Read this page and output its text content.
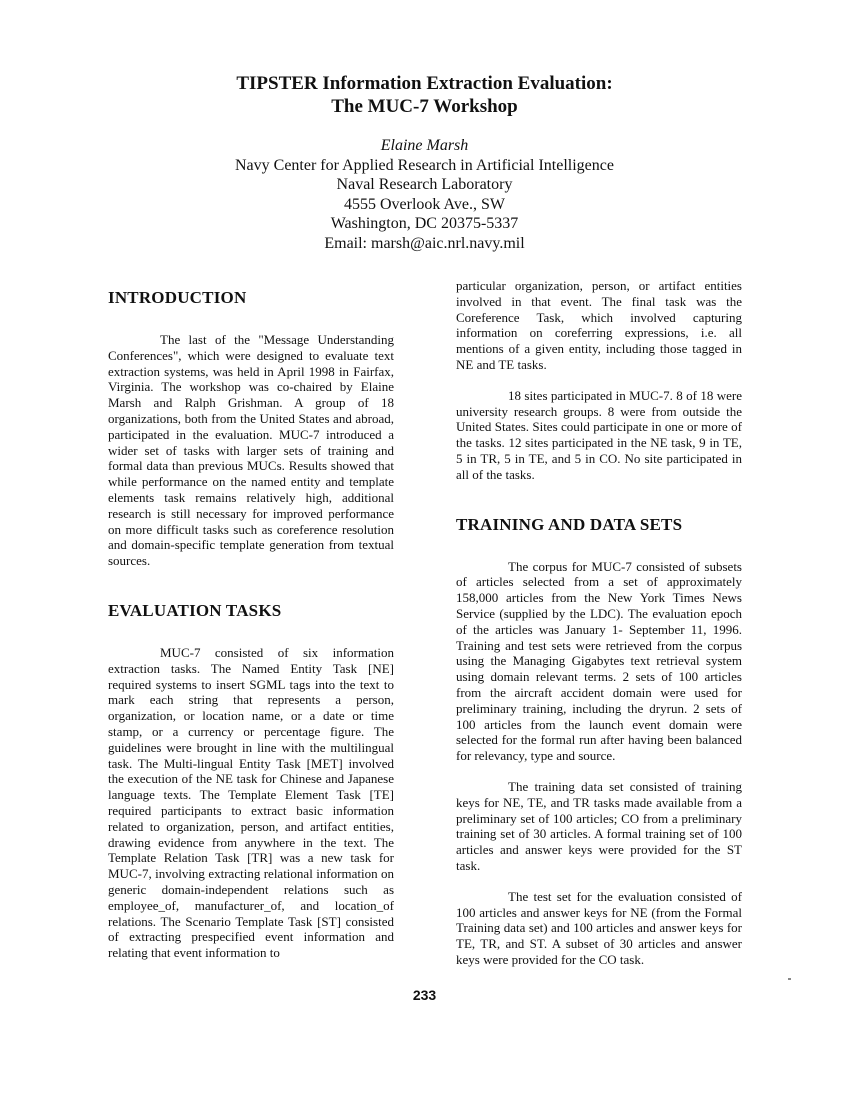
TIPSTER Information Extraction Evaluation:
The MUC-7 Workshop
Elaine Marsh
Navy Center for Applied Research in Artificial Intelligence
Naval Research Laboratory
4555 Overlook Ave., SW
Washington, DC 20375-5337
Email: marsh@aic.nrl.navy.mil
INTRODUCTION

The last of the "Message Understanding Conferences", which were designed to evaluate text extraction systems, was held in April 1998 in Fairfax, Virginia. The workshop was co-chaired by Elaine Marsh and Ralph Grishman. A group of 18 organizations, both from the United States and abroad, participated in the evaluation. MUC-7 introduced a wider set of tasks with larger sets of training and formal data than previous MUCs. Results showed that while performance on the named entity and template elements task remains relatively high, additional research is still necessary for improved performance on more difficult tasks such as coreference resolution and domain-specific template generation from textual sources.

EVALUATION TASKS

MUC-7 consisted of six information extraction tasks. The Named Entity Task [NE] required systems to insert SGML tags into the text to mark each string that represents a person, organization, or location name, or a date or time stamp, or a currency or percentage figure. The guidelines were brought in line with the multilingual task. The Multi-lingual Entity Task [MET] involved the execution of the NE task for Chinese and Japanese language texts. The Template Element Task [TE] required participants to extract basic information related to organization, person, and artifact entities, drawing evidence from anywhere in the text. The Template Relation Task [TR] was a new task for MUC-7, involving extracting relational information on generic domain-independent relations such as employee_of, manufacturer_of, and location_of relations. The Scenario Template Task [ST] consisted of extracting prespecified event information and relating that event information to

particular organization, person, or artifact entities involved in that event. The final task was the Coreference Task, which involved capturing information on coreferring expressions, i.e. all mentions of a given entity, including those tagged in NE and TE tasks.

18 sites participated in MUC-7. 8 of 18 were university research groups. 8 were from outside the United States. Sites could participate in one or more of the tasks. 12 sites participated in the NE task, 9 in TE, 5 in TR, 5 in TE, and 5 in CO. No site participated in all of the tasks.

TRAINING AND DATA SETS

The corpus for MUC-7 consisted of subsets of articles selected from a set of approximately 158,000 articles from the New York Times News Service (supplied by the LDC). The evaluation epoch of the articles was January 1- September 11, 1996. Training and test sets were retrieved from the corpus using the Managing Gigabytes text retrieval system using domain relevant terms. 2 sets of 100 articles from the aircraft accident domain were used for preliminary training, including the dryrun. 2 sets of 100 articles from the launch event domain were selected for the formal run after having been balanced for relevancy, type and source.

The training data set consisted of training keys for NE, TE, and TR tasks made available from a preliminary set of 100 articles; CO from a preliminary training set of 30 articles. A formal training set of 100 articles and answer keys were provided for the ST task.

The test set for the evaluation consisted of 100 articles and answer keys for NE (from the Formal Training data set) and 100 articles and answer keys for TE, TR, and ST. A subset of 30 articles and answer keys were provided for the CO task.

233
